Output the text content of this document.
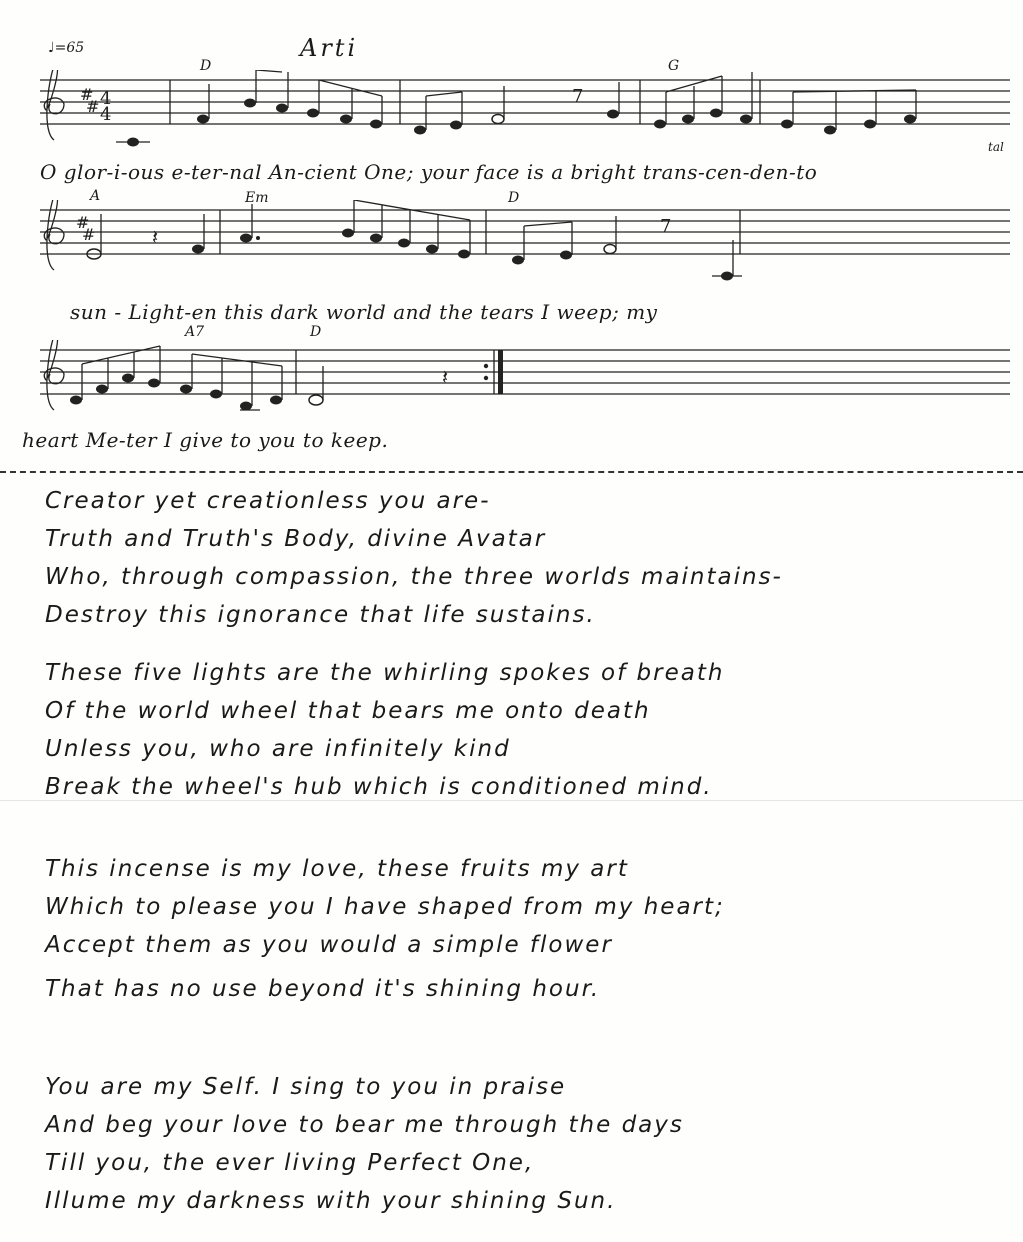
♩=65	Arti
D	G
A	Em	D
A7	D
tal
#
# 4
4
7
O glor-i-ous e-ter-nal An-cient One; your face is a bright trans-cen-den-to
#
#	𝄽	7
sun - Light-en this dark world and the tears I weep; my
𝄽
heart Me-ter I give to you to keep.
Creator yet creationless you are-
Truth and Truth's Body, divine Avatar
Who, through compassion, the three worlds maintains-
Destroy this ignorance that life sustains.
These five lights are the whirling spokes of breath
Of the world wheel that bears me onto death
Unless you, who are infinitely kind
Break the wheel's hub which is conditioned mind.
This incense is my love, these fruits my art
Which to please you I have shaped from my heart;
Accept them as you would a simple flower
That has no use beyond it's shining hour.
You are my Self. I sing to you in praise
And beg your love to bear me through the days
Till you, the ever living Perfect One,
Illume my darkness with your shining Sun.
